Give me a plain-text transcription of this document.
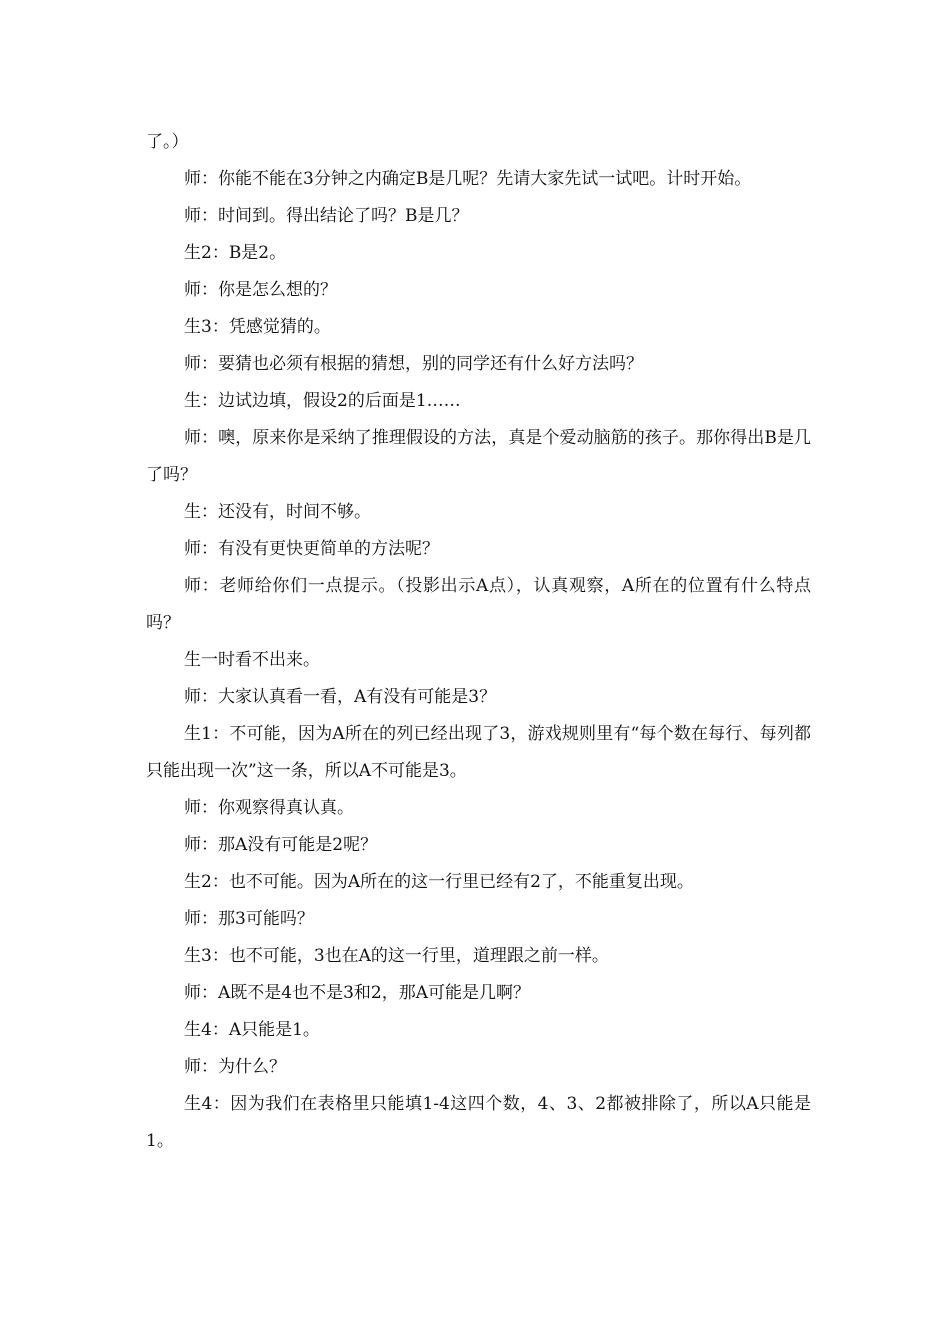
了。）

师：你能不能在3分钟之内确定B是几呢？先请大家先试一试吧。计时开始。

师：时间到。得出结论了吗？B是几？

生2：B是2。

师：你是怎么想的？

生3：凭感觉猜的。

师：要猜也必须有根据的猜想，别的同学还有什么好方法吗？

生：边试边填，假设2的后面是1……

师：噢，原来你是采纳了推理假设的方法，真是个爱动脑筋的孩子。那你得出B是几了吗？

生：还没有，时间不够。

师：有没有更快更简单的方法呢？

师：老师给你们一点提示。（投影出示A点），认真观察，A所在的位置有什么特点吗？

生一时看不出来。

师：大家认真看一看，A有没有可能是3？

生1：不可能，因为A所在的列已经出现了3，游戏规则里有“每个数在每行、每列都只能出现一次”这一条，所以A不可能是3。

师：你观察得真认真。

师：那A没有可能是2呢？

生2：也不可能。因为A所在的这一行里已经有2了，不能重复出现。

师：那3可能吗？

生3：也不可能，3也在A的这一行里，道理跟之前一样。

师：A既不是4也不是3和2，那A可能是几啊？

生4：A只能是1。

师：为什么？

生4：因为我们在表格里只能填1-4这四个数，4、3、2都被排除了，所以A只能是1。
